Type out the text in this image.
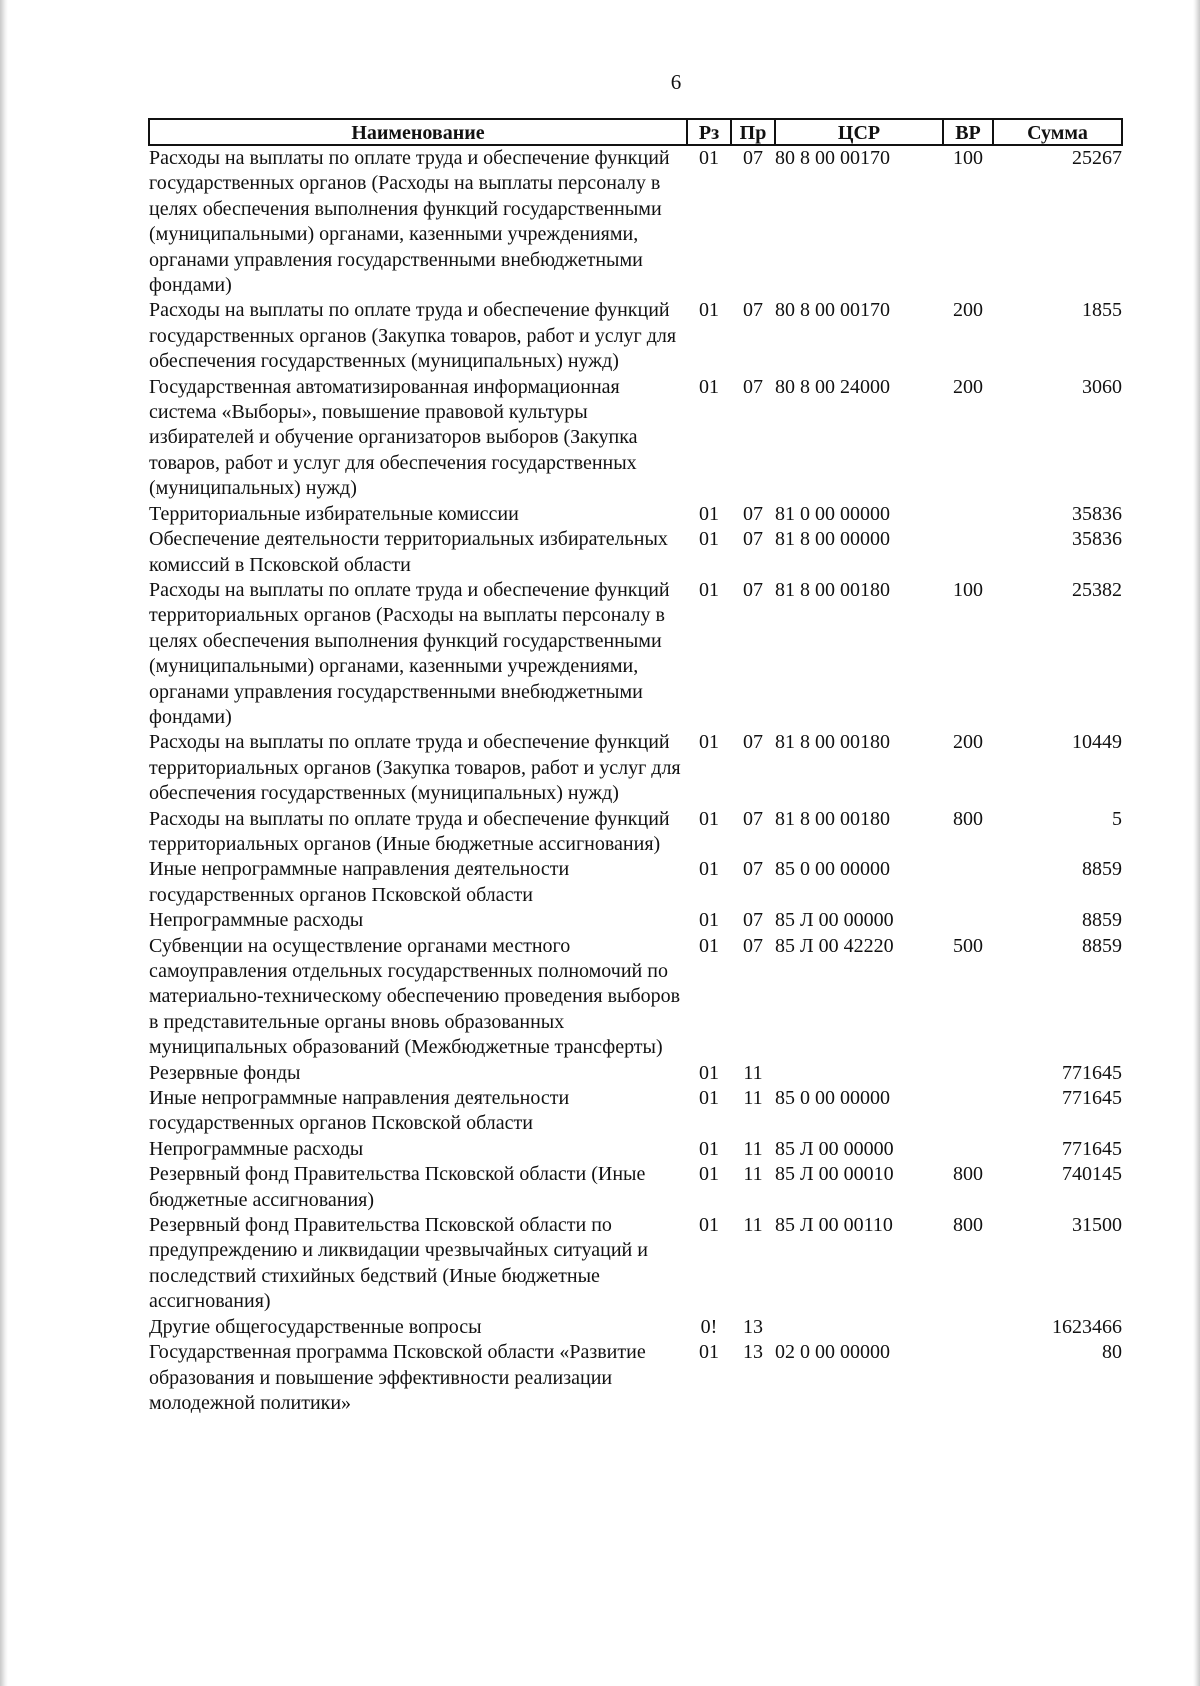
6
Наименование	Рз	Пр	ЦСР	ВР	Сумма
Расходы на выплаты по оплате труда и обеспечение функций государственных органов (Расходы на выплаты персоналу в целях обеспечения выполнения функций государственными (муниципальными) органами, казенными учреждениями, органами управления государственными внебюджетными фондами)	01	07	80 8 00 00170	100	25267
Расходы на выплаты по оплате труда и обеспечение функций государственных органов (Закупка товаров, работ и услуг для обеспечения государственных (муниципальных) нужд)	01	07	80 8 00 00170	200	1855
Государственная автоматизированная информационная система «Выборы», повышение правовой культуры избирателей и обучение организаторов выборов (Закупка товаров, работ и услуг для обеспечения государственных (муниципальных) нужд)	01	07	80 8 00 24000	200	3060
Территориальные избирательные комиссии	01	07	81 0 00 00000		35836
Обеспечение деятельности территориальных избирательных комиссий в Псковской области	01	07	81 8 00 00000		35836
Расходы на выплаты по оплате труда и обеспечение функций территориальных органов (Расходы на выплаты персоналу в целях обеспечения выполнения функций государственными (муниципальными) органами, казенными учреждениями, органами управления государственными внебюджетными фондами)	01	07	81 8 00 00180	100	25382
Расходы на выплаты по оплате труда и обеспечение функций территориальных органов (Закупка товаров, работ и услуг для обеспечения государственных (муниципальных) нужд)	01	07	81 8 00 00180	200	10449
Расходы на выплаты по оплате труда и обеспечение функций территориальных органов (Иные бюджетные ассигнования)	01	07	81 8 00 00180	800	5
Иные непрограммные направления деятельности государственных органов Псковской области	01	07	85 0 00 00000		8859
Непрограммные расходы	01	07	85 Л 00 00000		8859
Субвенции на осуществление органами местного самоуправления отдельных государственных полномочий по материально-техническому обеспечению проведения выборов в представительные органы вновь образованных муниципальных образований (Межбюджетные трансферты)	01	07	85 Л 00 42220	500	8859
Резервные фонды	01	11			771645
Иные непрограммные направления деятельности государственных органов Псковской области	01	11	85 0 00 00000		771645
Непрограммные расходы	01	11	85 Л 00 00000		771645
Резервный фонд Правительства Псковской области (Иные бюджетные ассигнования)	01	11	85 Л 00 00010	800	740145
Резервный фонд Правительства Псковской области по предупреждению и ликвидации чрезвычайных ситуаций и последствий стихийных бедствий (Иные бюджетные ассигнования)	01	11	85 Л 00 00110	800	31500
Другие общегосударственные вопросы	0!	13			1623466
Государственная программа Псковской области «Развитие образования и повышение эффективности реализации молодежной политики»	01	13	02 0 00 00000		80
